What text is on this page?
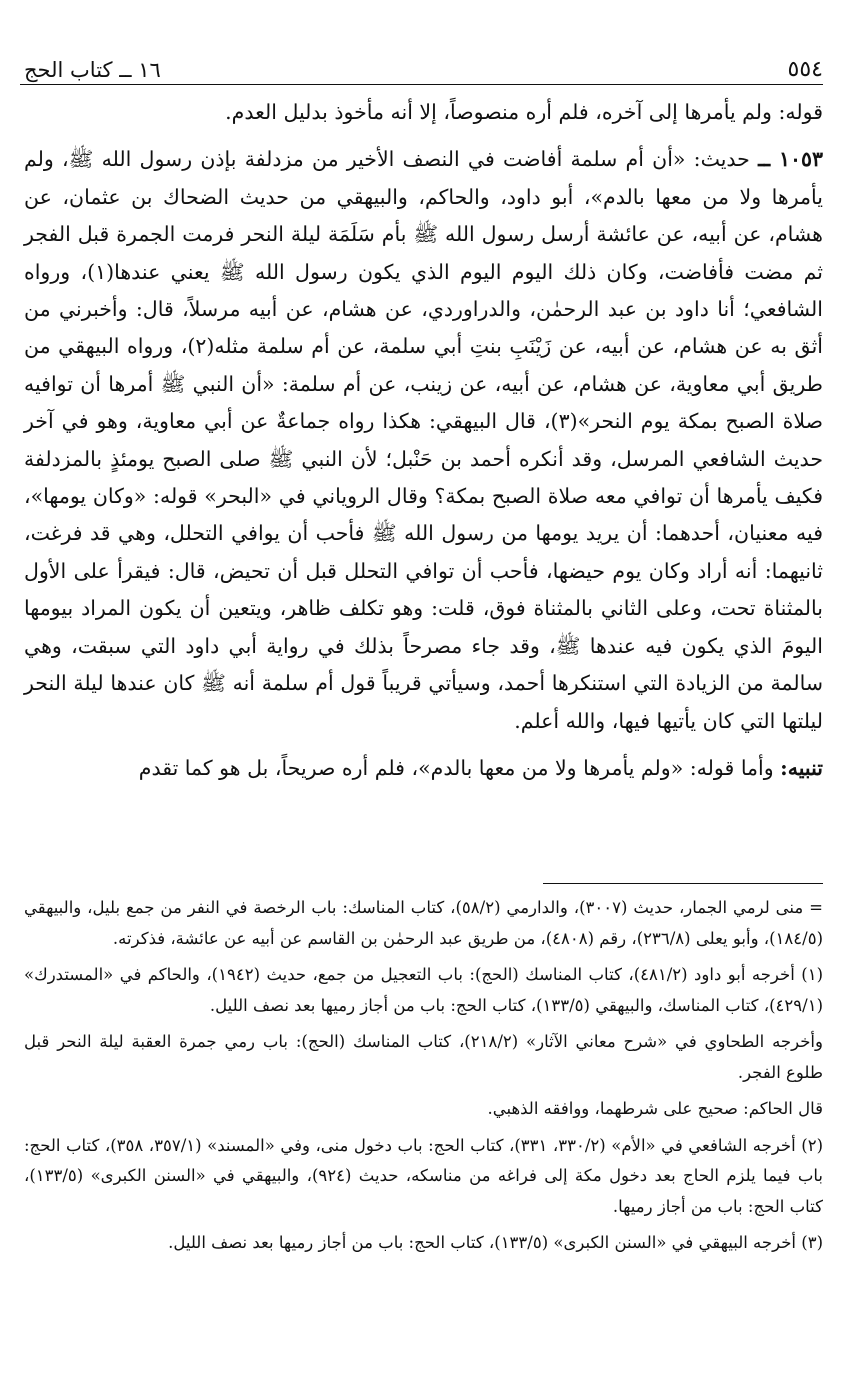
٥٥٤
١٦ ــ كتاب الحج

قوله: ولم يأمرها إلى آخره، فلم أره منصوصاً، إلا أنه مأخوذ بدليل العدم.

١٠٥٣ ــ حديث: «أن أم سلمة أفاضت في النصف الأخير من مزدلفة بإذن رسول الله ﷺ، ولم يأمرها ولا من معها بالدم»، أبو داود، والحاكم، والبيهقي من حديث الضحاك بن عثمان، عن هشام، عن أبيه، عن عائشة أرسل رسول الله ﷺ بأم سَلَمَة ليلة النحر فرمت الجمرة قبل الفجر ثم مضت فأفاضت، وكان ذلك اليوم اليوم الذي يكون رسول الله ﷺ يعني عندها(١)، ورواه الشافعي؛ أنا داود بن عبد الرحمٰن، والدراوردي، عن هشام، عن أبيه مرسلاً، قال: وأخبرني من أثق به عن هشام، عن أبيه، عن زَيْنَبِ بنتِ أبي سلمة، عن أم سلمة مثله(٢)، ورواه البيهقي من طريق أبي معاوية، عن هشام، عن أبيه، عن زينب، عن أم سلمة: «أن النبي ﷺ أمرها أن توافيه صلاة الصبح بمكة يوم النحر»(٣)، قال البيهقي: هكذا رواه جماعةٌ عن أبي معاوية، وهو في آخر حديث الشافعي المرسل، وقد أنكره أحمد بن حَنْبل؛ لأن النبي ﷺ صلى الصبح يومئذٍ بالمزدلفة فكيف يأمرها أن توافي معه صلاة الصبح بمكة؟ وقال الروياني في «البحر» قوله: «وكان يومها»، فيه معنيان، أحدهما: أن يريد يومها من رسول الله ﷺ فأحب أن يوافي التحلل، وهي قد فرغت، ثانيهما: أنه أراد وكان يوم حيضها، فأحب أن توافي التحلل قبل أن تحيض، قال: فيقرأ على الأول بالمثناة تحت، وعلى الثاني بالمثناة فوق، قلت: وهو تكلف ظاهر، ويتعين أن يكون المراد بيومها اليومَ الذي يكون فيه عندها ﷺ، وقد جاء مصرحاً بذلك في رواية أبي داود التي سبقت، وهي سالمة من الزيادة التي استنكرها أحمد، وسيأتي قريباً قول أم سلمة أنه ﷺ كان عندها ليلة النحر ليلتها التي كان يأتيها فيها، والله أعلم.

تنبيه: وأما قوله: «ولم يأمرها ولا من معها بالدم»، فلم أره صريحاً، بل هو كما تقدم

= منى لرمي الجمار، حديث (٣٠٠٧)، والدارمي (٥٨/٢)، كتاب المناسك: باب الرخصة في النفر من جمع بليل، والبيهقي (١٨٤/٥)، وأبو يعلى (٢٣٦/٨)، رقم (٤٨٠٨)، من طريق عبد الرحمٰن بن القاسم عن أبيه عن عائشة، فذكرته.

(١) أخرجه أبو داود (٤٨١/٢)، كتاب المناسك (الحج): باب التعجيل من جمع، حديث (١٩٤٢)، والحاكم في «المستدرك» (٤٢٩/١)، كتاب المناسك، والبيهقي (١٣٣/٥)، كتاب الحج: باب من أجاز رميها بعد نصف الليل.

وأخرجه الطحاوي في «شرح معاني الآثار» (٢١٨/٢)، كتاب المناسك (الحج): باب رمي جمرة العقبة ليلة النحر قبل طلوع الفجر.

قال الحاكم: صحيح على شرطهما، ووافقه الذهبي.

(٢) أخرجه الشافعي في «الأم» (٣٣٠/٢، ٣٣١)، كتاب الحج: باب دخول منى، وفي «المسند» (٣٥٧/١، ٣٥٨)، كتاب الحج: باب فيما يلزم الحاج بعد دخول مكة إلى فراغه من مناسكه، حديث (٩٢٤)، والبيهقي في «السنن الكبرى» (١٣٣/٥)، كتاب الحج: باب من أجاز رميها.

(٣) أخرجه البيهقي في «السنن الكبرى» (١٣٣/٥)، كتاب الحج: باب من أجاز رميها بعد نصف الليل.
